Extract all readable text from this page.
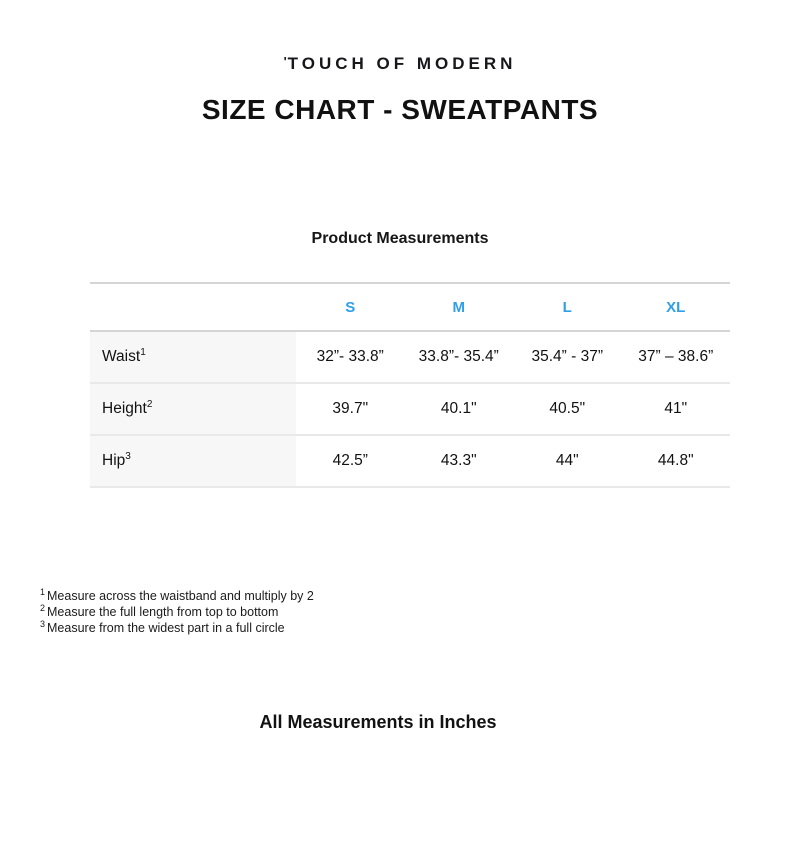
'TOUCH OF MODERN
SIZE CHART - SWEATPANTS
Product Measurements
	S	M	L	XL
Waist$^1$	32”- 33.8”	33.8”- 35.4”	35.4” - 37”	37” – 38.6”
Height$^2$	39.7"	40.1"	40.5"	41"
Hip$^3$	42.5”	43.3"	44"	44.8"
$^1$ Measure across the waistband and multiply by 2
$^2$ Measure the full length from top to bottom
$^3$ Measure from the widest part in a full circle
All Measurements in Inches
